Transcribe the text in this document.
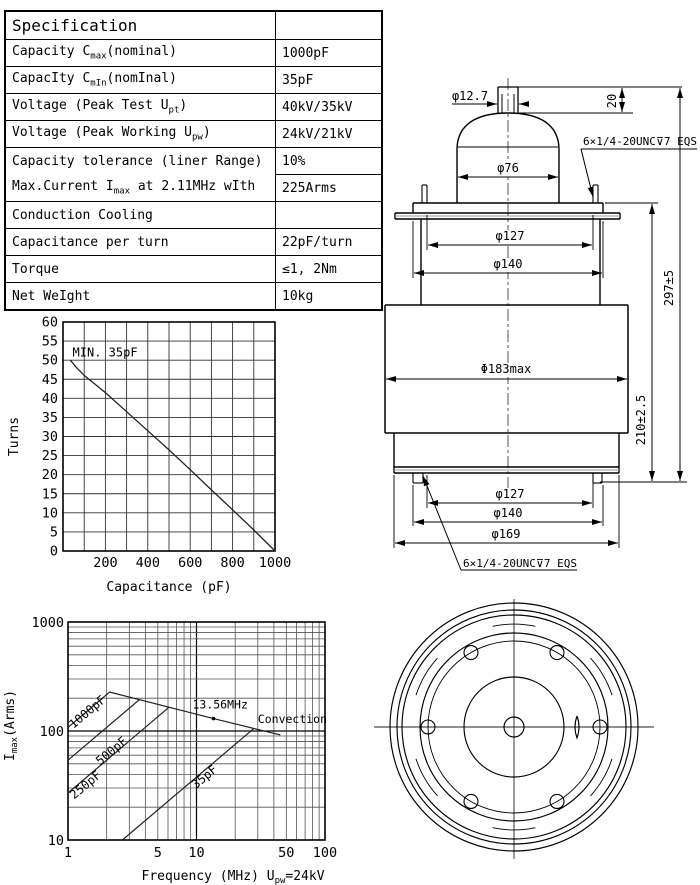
Specification	
Capacity $C_{max}(nominal)$	1000pF
CapacIty $C_{mIn}(nomInal)$	35pF
Voltage (Peak Test $U_{pt}$)	40kV/35kV
Voltage (Peak Working $U_{pw}$)	24kV/21kV
Capacity tolerance (liner Range)	10%
Max.Current $I_{max}$ at 2.11MHz wIth	225Arms
Conduction Cooling	
Capacitance per turn	22pF/turn
Torque	≤1, 2Nm
Net WeIght	10kg
0
5
10
15
20
25
30
35
40
45
50
55
60
200 400 600 800 1000
Turns
Capacitance (pF)
MIN. 35pF
1	5 10	50 100
10
100
1000
$I_{max}(Arms)$
Frequency (MHz) $U_{pw}=24kV$
1000pF
500pF
250pF	35pF
13.56MHz
Convection
φ12.7	20
φ76
φ127
φ140
Φ183max
φ127
φ140
φ169
210±2.5
297±5
6×1/4-20UNC⊽7 EQS
6×1/4-20UNC⊽7 EQS
